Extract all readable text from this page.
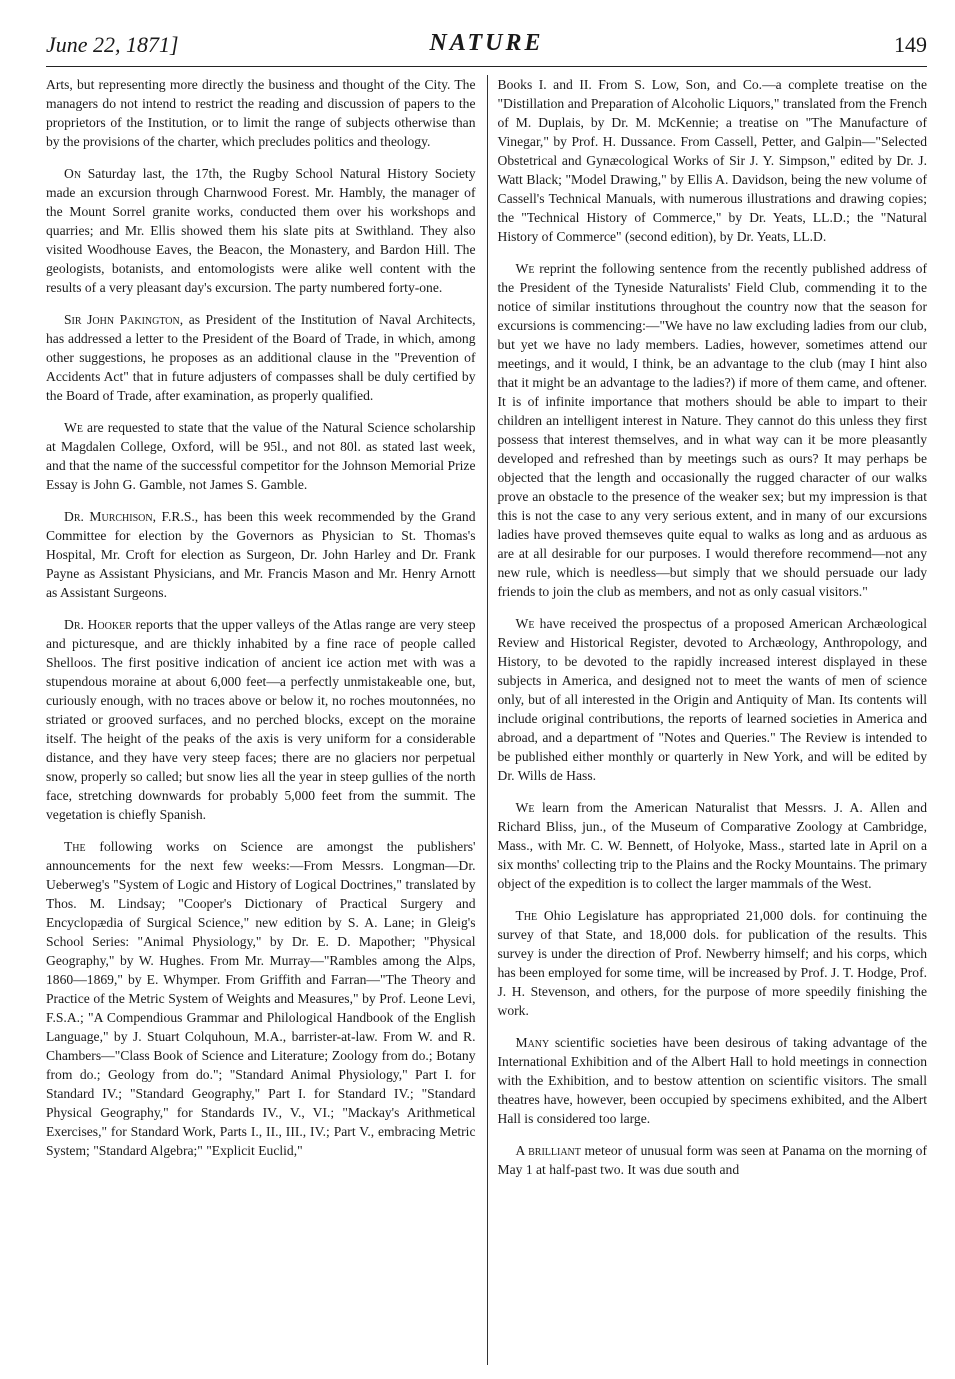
June 22, 1871]	NATURE	149

Arts, but representing more directly the business and thought of the City. The managers do not intend to restrict the reading and discussion of papers to the proprietors of the Institution, or to limit the range of subjects otherwise than by the provisions of the charter, which precludes politics and theology.

On Saturday last, the 17th, the Rugby School Natural History Society made an excursion through Charnwood Forest. Mr. Hambly, the manager of the Mount Sorrel granite works, conducted them over his workshops and quarries; and Mr. Ellis showed them his slate pits at Swithland. They also visited Woodhouse Eaves, the Beacon, the Monastery, and Bardon Hill. The geologists, botanists, and entomologists were alike well content with the results of a very pleasant day's excursion. The party numbered forty-one.

Sir John Pakington, as President of the Institution of Naval Architects, has addressed a letter to the President of the Board of Trade, in which, among other suggestions, he proposes as an additional clause in the "Prevention of Accidents Act" that in future adjusters of compasses shall be duly certified by the Board of Trade, after examination, as properly qualified.

We are requested to state that the value of the Natural Science scholarship at Magdalen College, Oxford, will be 95l., and not 80l. as stated last week, and that the name of the successful competitor for the Johnson Memorial Prize Essay is John G. Gamble, not James S. Gamble.

Dr. Murchison, F.R.S., has been this week recommended by the Grand Committee for election by the Governors as Physician to St. Thomas's Hospital, Mr. Croft for election as Surgeon, Dr. John Harley and Dr. Frank Payne as Assistant Physicians, and Mr. Francis Mason and Mr. Henry Arnott as Assistant Surgeons.

Dr. Hooker reports that the upper valleys of the Atlas range are very steep and picturesque, and are thickly inhabited by a fine race of people called Shelloos. The first positive indication of ancient ice action met with was a stupendous moraine at about 6,000 feet—a perfectly unmistakeable one, but, curiously enough, with no traces above or below it, no roches moutonnées, no striated or grooved surfaces, and no perched blocks, except on the moraine itself. The height of the peaks of the axis is very uniform for a considerable distance, and they have very steep faces; there are no glaciers nor perpetual snow, properly so called; but snow lies all the year in steep gullies of the north face, stretching downwards for probably 5,000 feet from the summit. The vegetation is chiefly Spanish.

The following works on Science are amongst the publishers' announcements for the next few weeks:—From Messrs. Longman—Dr. Ueberweg's "System of Logic and History of Logical Doctrines," translated by Thos. M. Lindsay; "Cooper's Dictionary of Practical Surgery and Encyclopædia of Surgical Science," new edition by S. A. Lane; in Gleig's School Series: "Animal Physiology," by Dr. E. D. Mapother; "Physical Geography," by W. Hughes. From Mr. Murray—"Rambles among the Alps, 1860—1869," by E. Whymper. From Griffith and Farran—"The Theory and Practice of the Metric System of Weights and Measures," by Prof. Leone Levi, F.S.A.; "A Compendious Grammar and Philological Handbook of the English Language," by J. Stuart Colquhoun, M.A., barrister-at-law. From W. and R. Chambers—"Class Book of Science and Literature; Zoology from do.; Botany from do.; Geology from do."; "Standard Animal Physiology," Part I. for Standard IV.; "Standard Geography," Part I. for Standard IV.; "Standard Physical Geography," for Standards IV., V., VI.; "Mackay's Arithmetical Exercises," for Standard Work, Parts I., II., III., IV.; Part V., embracing Metric System; "Standard Algebra;" "Explicit Euclid,"

Books I. and II. From S. Low, Son, and Co.—a complete treatise on the "Distillation and Preparation of Alcoholic Liquors," translated from the French of M. Duplais, by Dr. M. McKennie; a treatise on "The Manufacture of Vinegar," by Prof. H. Dussance. From Cassell, Petter, and Galpin—"Selected Obstetrical and Gynæcological Works of Sir J. Y. Simpson," edited by Dr. J. Watt Black; "Model Drawing," by Ellis A. Davidson, being the new volume of Cassell's Technical Manuals, with numerous illustrations and drawing copies; the "Technical History of Commerce," by Dr. Yeats, LL.D.; the "Natural History of Commerce" (second edition), by Dr. Yeats, LL.D.

We reprint the following sentence from the recently published address of the President of the Tyneside Naturalists' Field Club, commending it to the notice of similar institutions throughout the country now that the season for excursions is commencing:—"We have no law excluding ladies from our club, but yet we have no lady members. Ladies, however, sometimes attend our meetings, and it would, I think, be an advantage to the club (may I hint also that it might be an advantage to the ladies?) if more of them came, and oftener. It is of infinite importance that mothers should be able to impart to their children an intelligent interest in Nature. They cannot do this unless they first possess that interest themselves, and in what way can it be more pleasantly developed and refreshed than by meetings such as ours? It may perhaps be objected that the length and occasionally the rugged character of our walks prove an obstacle to the presence of the weaker sex; but my impression is that this is not the case to any very serious extent, and in many of our excursions ladies have proved themseves quite equal to walks as long and as arduous as are at all desirable for our purposes. I would therefore recommend—not any new rule, which is needless—but simply that we should persuade our lady friends to join the club as members, and not as only casual visitors."

We have received the prospectus of a proposed American Archæological Review and Historical Register, devoted to Archæology, Anthropology, and History, to be devoted to the rapidly increased interest displayed in these subjects in America, and designed not to meet the wants of men of science only, but of all interested in the Origin and Antiquity of Man. Its contents will include original contributions, the reports of learned societies in America and abroad, and a department of "Notes and Queries." The Review is intended to be published either monthly or quarterly in New York, and will be edited by Dr. Wills de Hass.

We learn from the American Naturalist that Messrs. J. A. Allen and Richard Bliss, jun., of the Museum of Comparative Zoology at Cambridge, Mass., with Mr. C. W. Bennett, of Holyoke, Mass., started late in April on a six months' collecting trip to the Plains and the Rocky Mountains. The primary object of the expedition is to collect the larger mammals of the West.

The Ohio Legislature has appropriated 21,000 dols. for continuing the survey of that State, and 18,000 dols. for publication of the results. This survey is under the direction of Prof. Newberry himself; and his corps, which has been employed for some time, will be increased by Prof. J. T. Hodge, Prof. J. H. Stevenson, and others, for the purpose of more speedily finishing the work.

Many scientific societies have been desirous of taking advantage of the International Exhibition and of the Albert Hall to hold meetings in connection with the Exhibition, and to bestow attention on scientific visitors. The small theatres have, however, been occupied by specimens exhibited, and the Albert Hall is considered too large.

A brilliant meteor of unusual form was seen at Panama on the morning of May 1 at half-past two. It was due south and
